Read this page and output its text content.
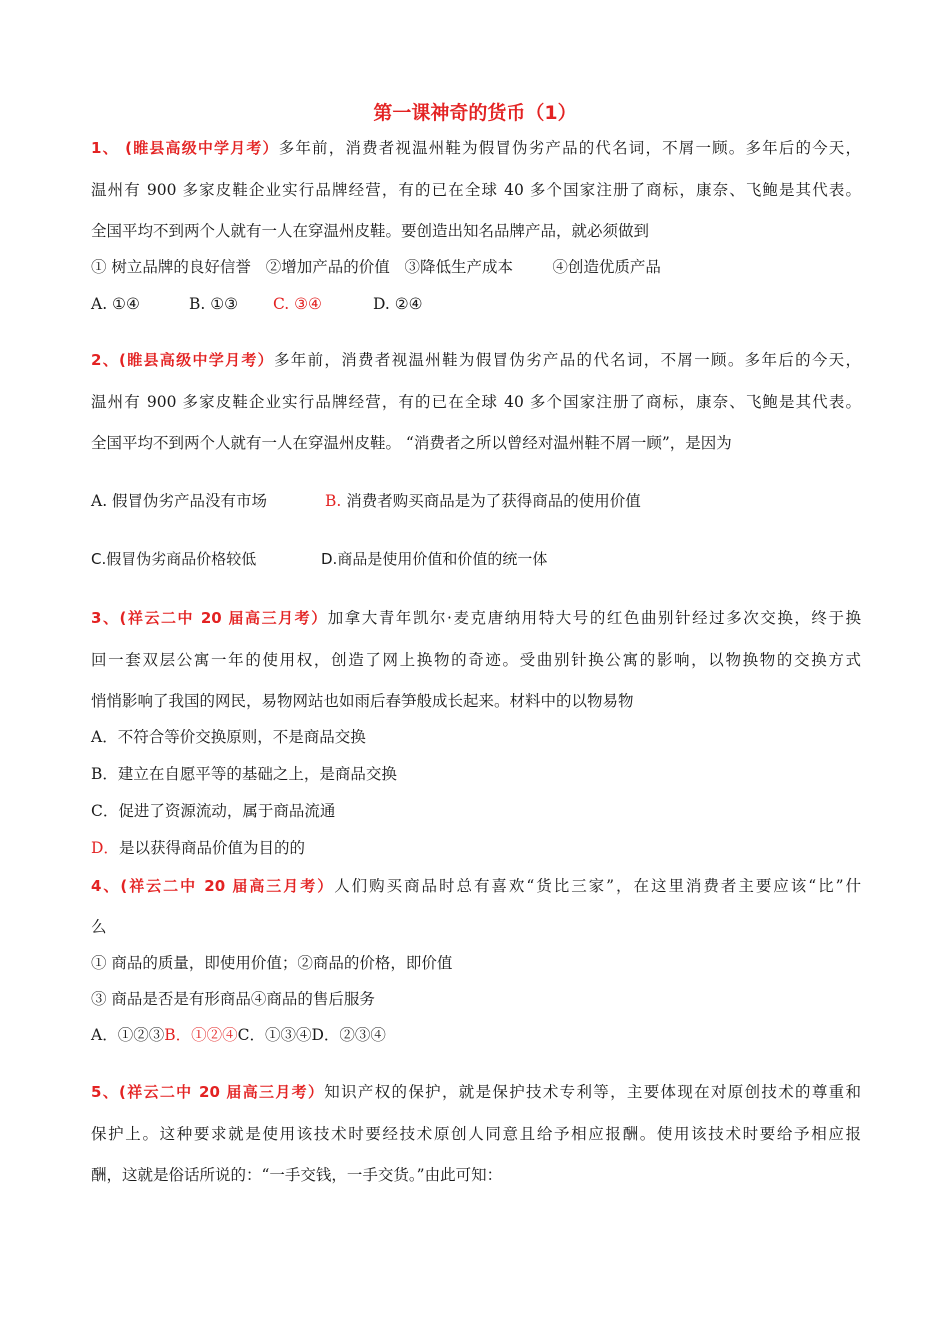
第一课神奇的货币（1）
1、 (睢县高级中学月考）多年前，消费者视温州鞋为假冒伪劣产品的代名词，不屑一顾。多年后的今天，
温州有 900 多家皮鞋企业实行品牌经营，有的已在全球 40 多个国家注册了商标，康奈、飞鲍是其代表。
全国平均不到两个人就有一人在穿温州皮鞋。要创造出知名品牌产品，就必须做到
① 树立品牌的良好信誉   ②增加产品的价值   ③降低生产成本        ④创造优质产品
A. ①④	B. ①③ C. ③④	D. ②④
2、(睢县高级中学月考）多年前，消费者视温州鞋为假冒伪劣产品的代名词，不屑一顾。多年后的今天，
温州有 900 多家皮鞋企业实行品牌经营，有的已在全球 40 多个国家注册了商标，康奈、飞鲍是其代表。
全国平均不到两个人就有一人在穿温州皮鞋。 “消费者之所以曾经对温州鞋不屑一顾”，是因为
A. 假冒伪劣产品没有市场	B. 消费者购买商品是为了获得商品的使用价值
C.假冒伪劣商品价格较低	D.商品是使用价值和价值的统一体
3、(祥云二中 20 届高三月考）加拿大青年凯尔·麦克唐纳用特大号的红色曲别针经过多次交换，终于换
回一套双层公寓一年的使用权，创造了网上换物的奇迹。受曲别针换公寓的影响，以物换物的交换方式
悄悄影响了我国的网民，易物网站也如雨后春笋般成长起来。材料中的以物易物
A．不符合等价交换原则，不是商品交换
B．建立在自愿平等的基础之上，是商品交换
C．促进了资源流动，属于商品流通
D．是以获得商品价值为目的的
4、(祥云二中 20 届高三月考）人们购买商品时总有喜欢“货比三家”，在这里消费者主要应该“比”什
么
① 商品的质量，即使用价值；②商品的价格，即价值
③ 商品是否是有形商品④商品的售后服务
A．①②③B．①②④C．①③④D．②③④
5、(祥云二中 20 届高三月考）知识产权的保护，就是保护技术专利等，主要体现在对原创技术的尊重和
保护上。这种要求就是使用该技术时要经技术原创人同意且给予相应报酬。使用该技术时要给予相应报
酬，这就是俗话所说的：“一手交钱，一手交货。”由此可知：
